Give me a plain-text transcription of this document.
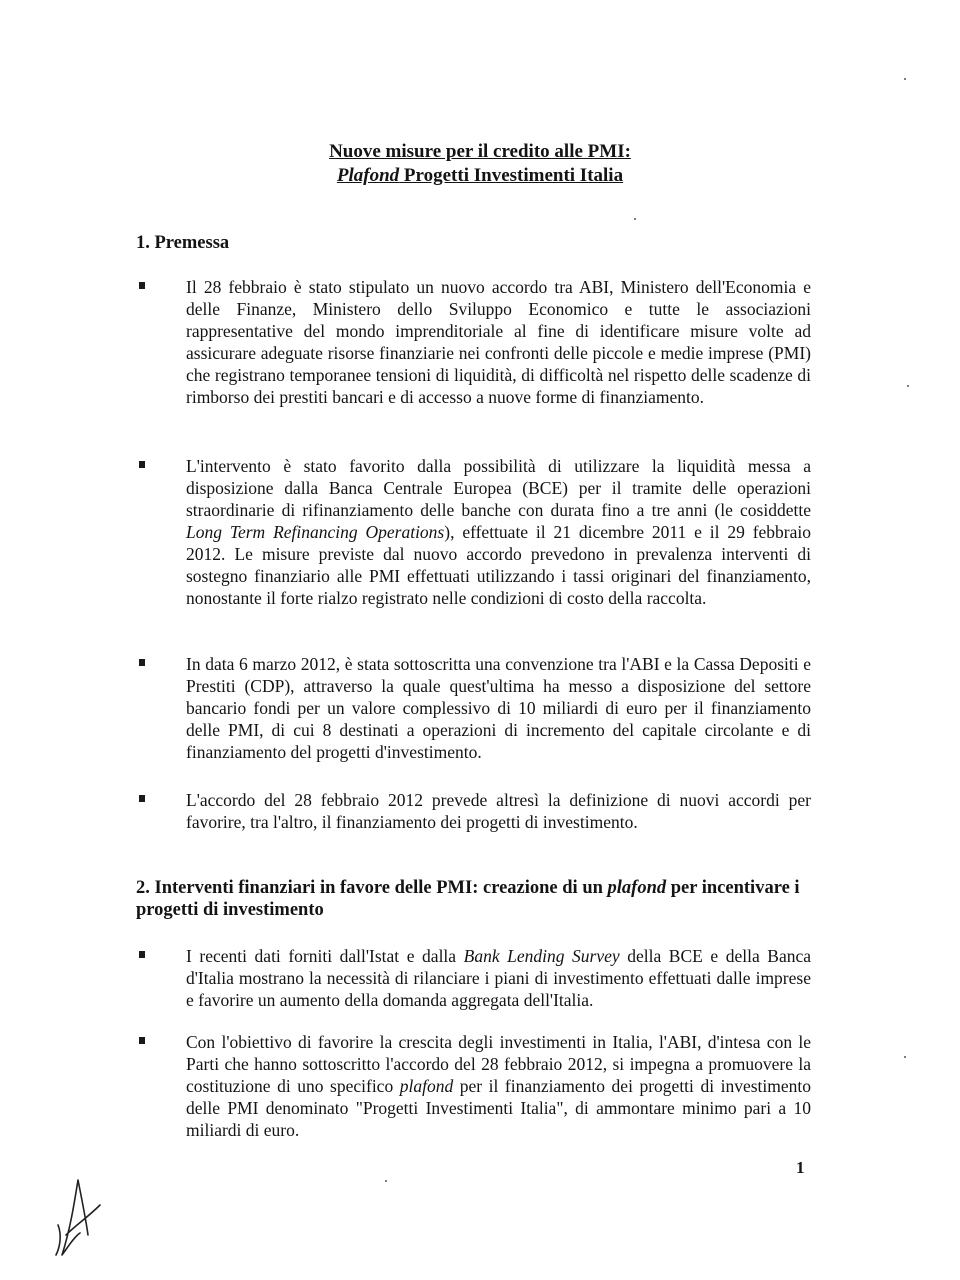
Nuove misure per il credito alle PMI:
Plafond Progetti Investimenti Italia
1. Premessa
Il 28 febbraio è stato stipulato un nuovo accordo tra ABI, Ministero dell'Economia e delle Finanze, Ministero dello Sviluppo Economico e tutte le associazioni rappresentative del mondo imprenditoriale al fine di identificare misure volte ad assicurare adeguate risorse finanziarie nei confronti delle piccole e medie imprese (PMI) che registrano temporanee tensioni di liquidità, di difficoltà nel rispetto delle scadenze di rimborso dei prestiti bancari e di accesso a nuove forme di finanziamento.
L'intervento è stato favorito dalla possibilità di utilizzare la liquidità messa a disposizione dalla Banca Centrale Europea (BCE) per il tramite delle operazioni straordinarie di rifinanziamento delle banche con durata fino a tre anni (le cosiddette Long Term Refinancing Operations), effettuate il 21 dicembre 2011 e il 29 febbraio 2012. Le misure previste dal nuovo accordo prevedono in prevalenza interventi di sostegno finanziario alle PMI effettuati utilizzando i tassi originari del finanziamento, nonostante il forte rialzo registrato nelle condizioni di costo della raccolta.
In data 6 marzo 2012, è stata sottoscritta una convenzione tra l'ABI e la Cassa Depositi e Prestiti (CDP), attraverso la quale quest'ultima ha messo a disposizione del settore bancario fondi per un valore complessivo di 10 miliardi di euro per il finanziamento delle PMI, di cui 8 destinati a operazioni di incremento del capitale circolante e di finanziamento del progetti d'investimento.
L'accordo del 28 febbraio 2012 prevede altresì la definizione di nuovi accordi per favorire, tra l'altro, il finanziamento dei progetti di investimento.
2. Interventi finanziari in favore delle PMI: creazione di un plafond per incentivare i progetti di investimento
I recenti dati forniti dall'Istat e dalla Bank Lending Survey della BCE e della Banca d'Italia mostrano la necessità di rilanciare i piani di investimento effettuati dalle imprese e favorire un aumento della domanda aggregata dell'Italia.
Con l'obiettivo di favorire la crescita degli investimenti in Italia, l'ABI, d'intesa con le Parti che hanno sottoscritto l'accordo del 28 febbraio 2012, si impegna a promuovere la costituzione di uno specifico plafond per il finanziamento dei progetti di investimento delle PMI denominato "Progetti Investimenti Italia", di ammontare minimo pari a 10 miliardi di euro.
1
